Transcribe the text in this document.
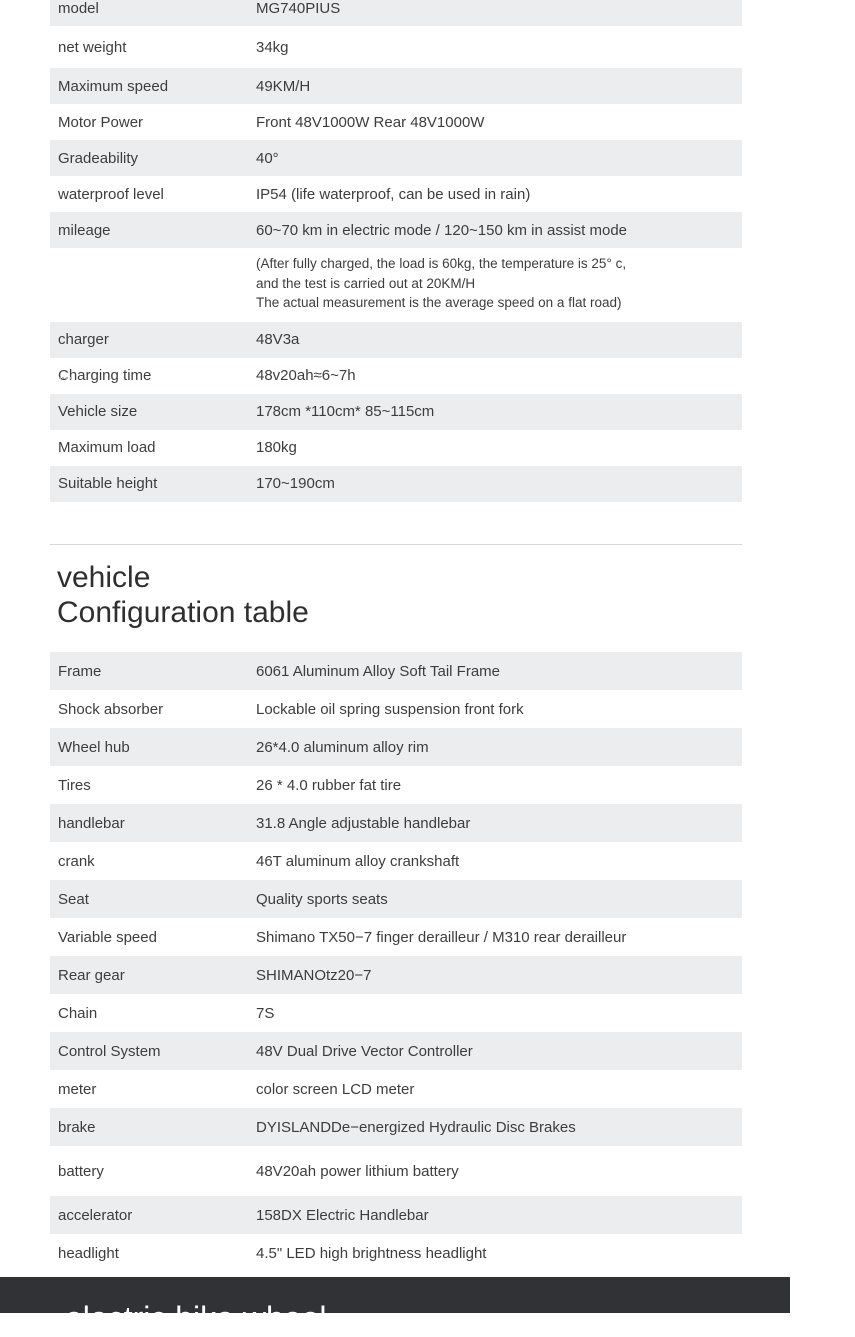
model	MG740PIUS
net weight	34kg
Maximum speed	49KM/H
Motor Power	Front 48V1000W Rear 48V1000W
Gradeability	40°
waterproof level	IP54 (life waterproof, can be used in rain)
mileage	60~70 km in electric mode / 120~150 km in assist mode
(After fully charged, the load is 60kg, the temperature is 25° c,
and the test is carried out at 20KM/H
The actual measurement is the average speed on a flat road)
charger	48V3a
Charging time	48v20ah≈6~7h
Vehicle size	178cm *110cm* 85~115cm
Maximum load	180kg
Suitable height	170~190cm
vehicle
Configuration table
Frame	6061 Aluminum Alloy Soft Tail Frame
Shock absorber	Lockable oil spring suspension front fork
Wheel hub	26*4.0 aluminum alloy rim
Tires	26 * 4.0 rubber fat tire
handlebar	31.8 Angle adjustable handlebar
crank	46T aluminum alloy crankshaft
Seat	Quality sports seats
Variable speed	Shimano TX50−7 finger derailleur / M310 rear derailleur
Rear gear	SHIMANOtz20−7
Chain	7S
Control System	48V Dual Drive Vector Controller
meter	color screen LCD meter
brake	DYISLANDDe−energized Hydraulic Disc Brakes
battery	48V20ah power lithium battery
accelerator	158DX Electric Handlebar
headlight	4.5" LED high brightness headlight
electric bike wheel
